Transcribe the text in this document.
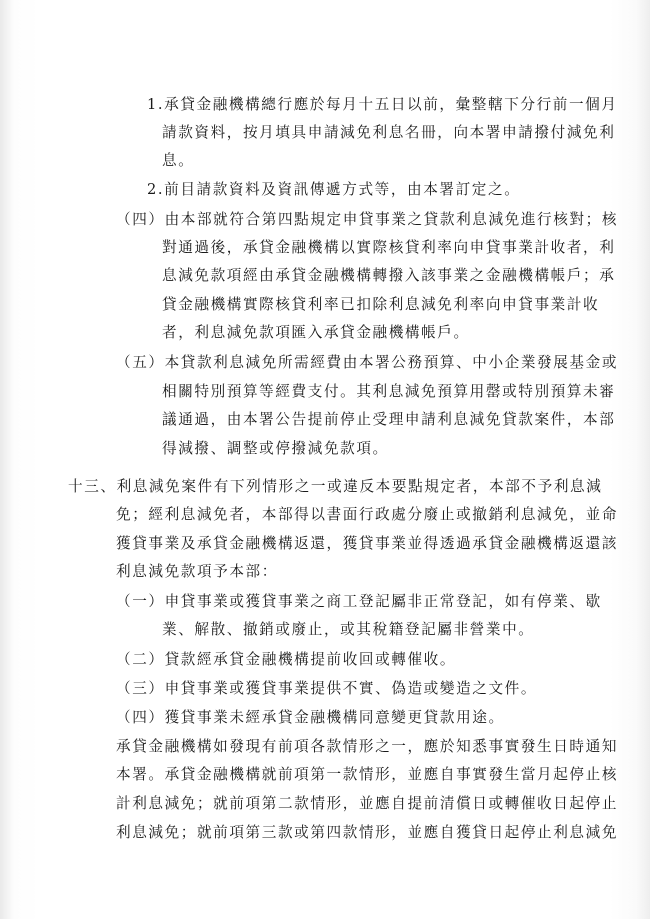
1.承貸金融機構總行應於每月十五日以前，彙整轄下分行前一個月
請款資料，按月填具申請減免利息名冊，向本署申請撥付減免利
息。
2.前目請款資料及資訊傳遞方式等，由本署訂定之。
（四）由本部就符合第四點規定申貸事業之貸款利息減免進行核對；核
對通過後，承貸金融機構以實際核貸利率向申貸事業計收者，利
息減免款項經由承貸金融機構轉撥入該事業之金融機構帳戶；承
貸金融機構實際核貸利率已扣除利息減免利率向申貸事業計收
者，利息減免款項匯入承貸金融機構帳戶。
（五）本貸款利息減免所需經費由本署公務預算、中小企業發展基金或
相關特別預算等經費支付。其利息減免預算用罄或特別預算未審
議通過，由本署公告提前停止受理申請利息減免貸款案件，本部
得減撥、調整或停撥減免款項。
十三、利息減免案件有下列情形之一或違反本要點規定者，本部不予利息減
免；經利息減免者，本部得以書面行政處分廢止或撤銷利息減免，並命
獲貸事業及承貸金融機構返還，獲貸事業並得透過承貸金融機構返還該
利息減免款項予本部：
（一）申貸事業或獲貸事業之商工登記屬非正常登記，如有停業、歇
業、解散、撤銷或廢止，或其稅籍登記屬非營業中。
（二）貸款經承貸金融機構提前收回或轉催收。
（三）申貸事業或獲貸事業提供不實、偽造或變造之文件。
（四）獲貸事業未經承貸金融機構同意變更貸款用途。
承貸金融機構如發現有前項各款情形之一，應於知悉事實發生日時通知
本署。承貸金融機構就前項第一款情形，並應自事實發生當月起停止核
計利息減免；就前項第二款情形，並應自提前清償日或轉催收日起停止
利息減免；就前項第三款或第四款情形，並應自獲貸日起停止利息減免
